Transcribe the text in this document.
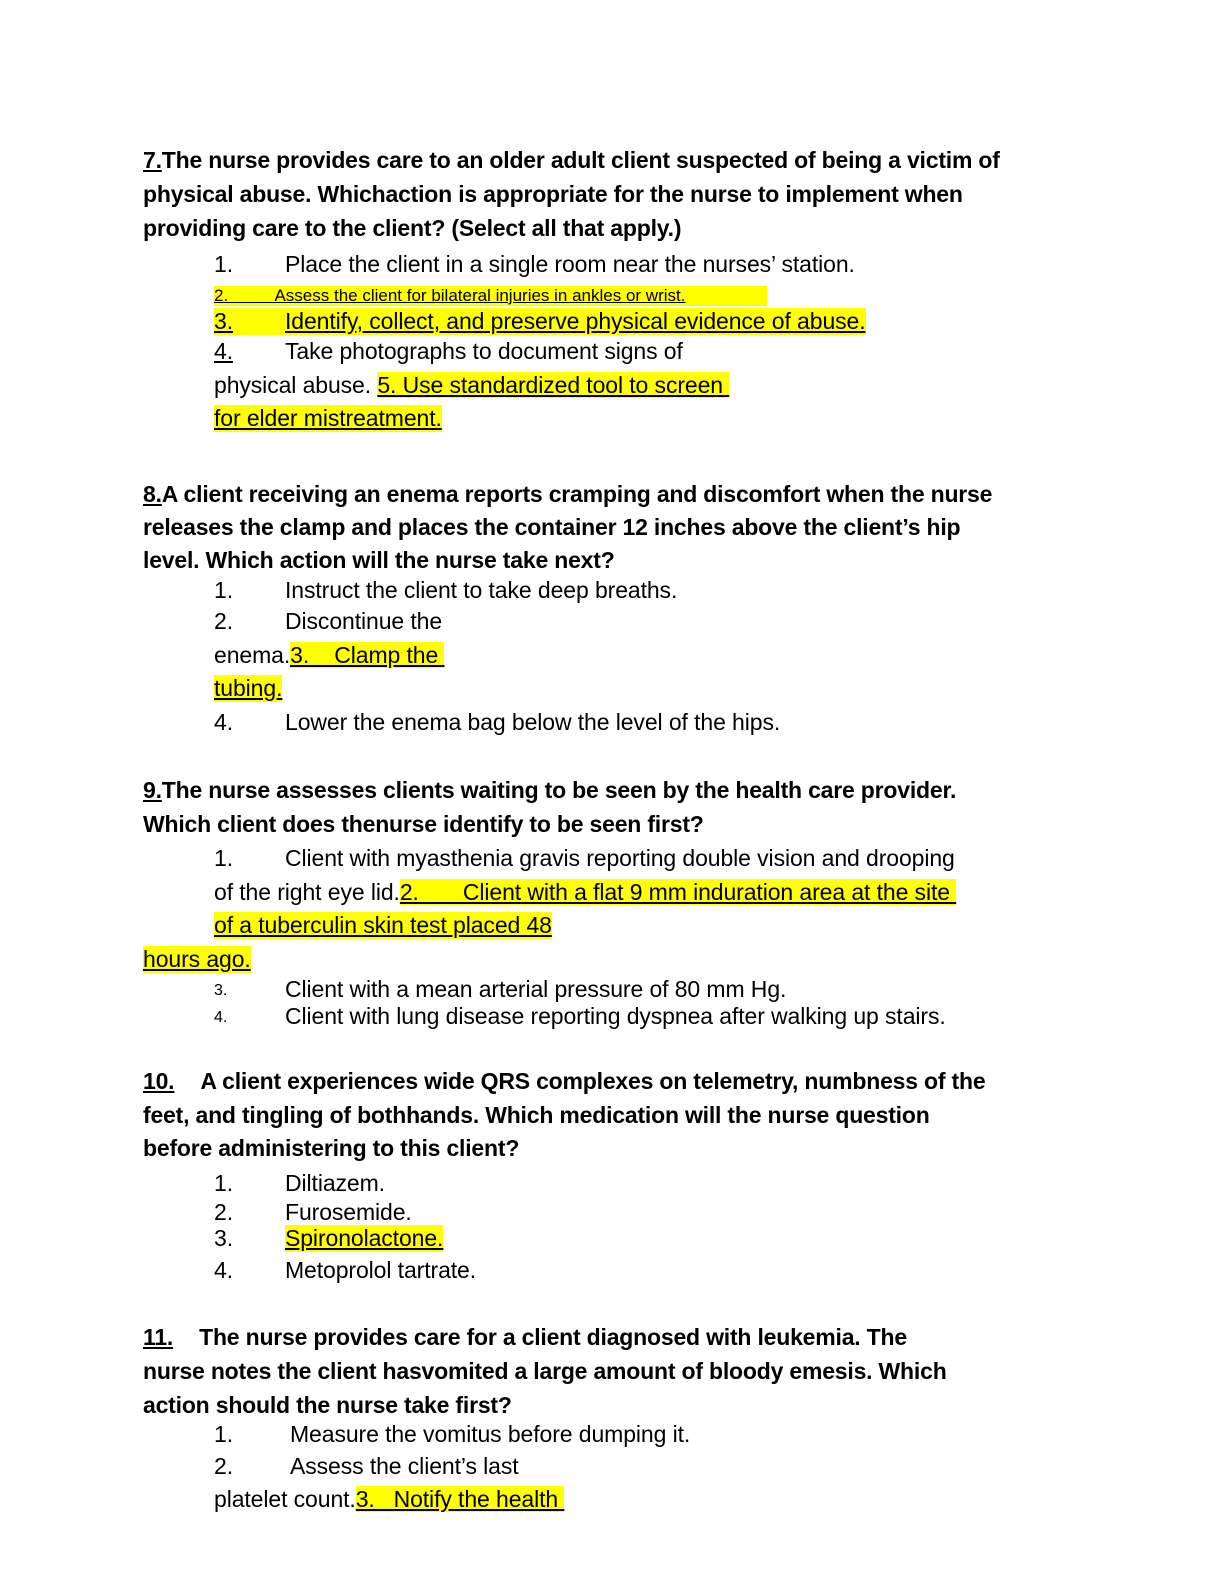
7.The nurse provides care to an older adult client suspected of being a victim of
physical abuse. Whichaction is appropriate for the nurse to implement when
providing care to the client? (Select all that apply.)
1. Place the client in a single room near the nurses’ station.
2.          Assess the client for bilateral injuries in ankles or wrist.
3.	Identify, collect, and preserve physical evidence of abuse.
4. Take photographs to document signs of
physical abuse. 5. Use standardized tool to screen
for elder mistreatment.
8.A client receiving an enema reports cramping and discomfort when the nurse
releases the clamp and places the container 12 inches above the client’s hip
level. Which action will the nurse take next?
1. Instruct the client to take deep breaths.
2. Discontinue the
enema.3.    Clamp the
tubing.
4. Lower the enema bag below the level of the hips.
9.The nurse assesses clients waiting to be seen by the health care provider.
Which client does thenurse identify to be seen first?
1. Client with myasthenia gravis reporting double vision and drooping
of the right eye lid.2.       Client with a flat 9 mm induration area at the site
of a tuberculin skin test placed 48
hours ago.
3.	Client with a mean arterial pressure of 80 mm Hg.
4.	Client with lung disease reporting dyspnea after walking up stairs.
10. A client experiences wide QRS complexes on telemetry, numbness of the
feet, and tingling of bothhands. Which medication will the nurse question
before administering to this client?
1. Diltiazem.
2. Furosemide.
3. Spironolactone.
4. Metoprolol tartrate.
11. The nurse provides care for a client diagnosed with leukemia. The
nurse notes the client hasvomited a large amount of bloody emesis. Which
action should the nurse take first?
1. Measure the vomitus before dumping it.
2. Assess the client’s last
platelet count.3.   Notify the health
